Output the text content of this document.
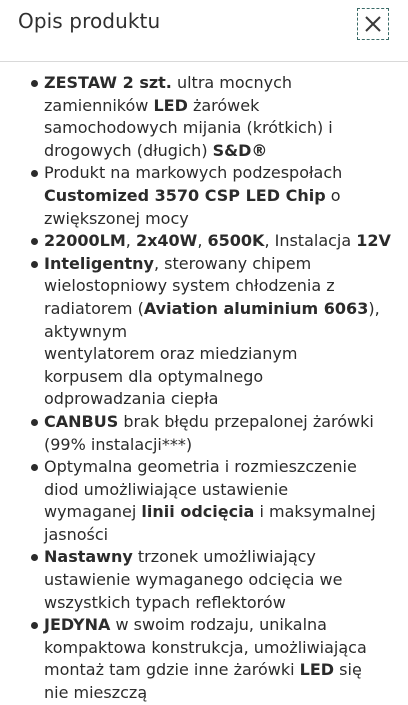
Opis produktu
ZESTAW 2 szt. ultra mocnych
zamienników LED żarówek
samochodowych mijania (krótkich) i
drogowych (długich) S&D®
Produkt na markowych podzespołach
Customized 3570 CSP LED Chip o
zwiększonej mocy
22000LM, 2x40W, 6500K, Instalacja 12V
Inteligentny, sterowany chipem
wielostopniowy system chłodzenia z
radiatorem (Aviation aluminium 6063),
aktywnym
wentylatorem oraz miedzianym
korpusem dla optymalnego
odprowadzania ciepła
CANBUS brak błędu przepalonej żarówki
(99% instalacji***)
Optymalna geometria i rozmieszczenie
diod umożliwiające ustawienie
wymaganej linii odcięcia i maksymalnej
jasności
Nastawny trzonek umożliwiający
ustawienie wymaganego odcięcia we
wszystkich typach reflektorów
JEDYNA w swoim rodzaju, unikalna
kompaktowa konstrukcja, umożliwiająca
montaż tam gdzie inne żarówki LED się
nie mieszczą
